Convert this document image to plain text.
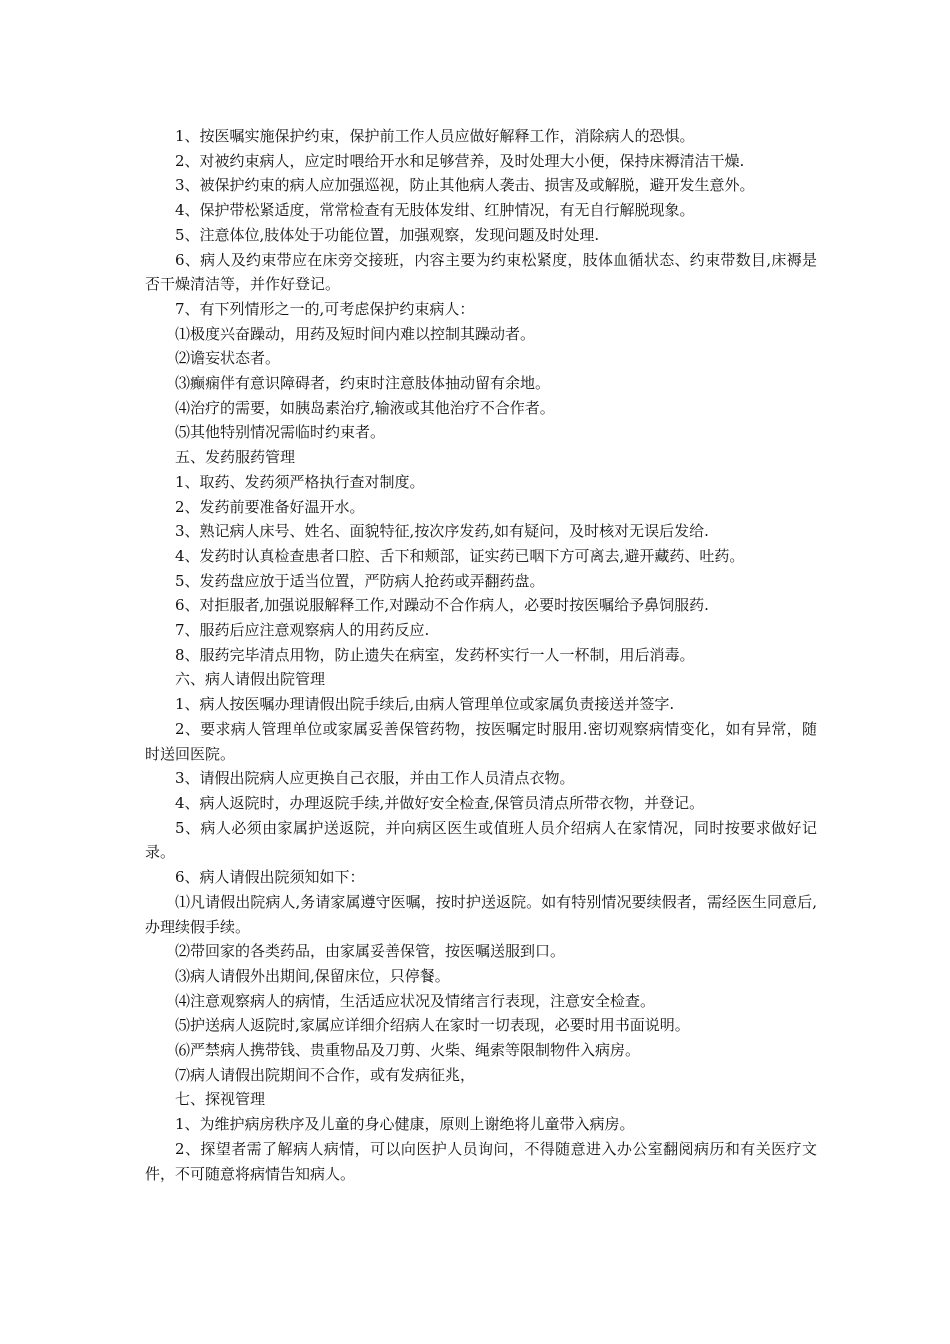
1、按医嘱实施保护约束，保护前工作人员应做好解释工作，消除病人的恐惧。

2、对被约束病人，应定时喂给开水和足够营养，及时处理大小便，保持床褥清洁干燥.

3、被保护约束的病人应加强巡视，防止其他病人袭击、损害及或解脱，避开发生意外。

4、保护带松紧适度，常常检查有无肢体发绀、红肿情况，有无自行解脱现象。

5、注意体位,肢体处于功能位置，加强观察，发现问题及时处理.

6、病人及约束带应在床旁交接班，内容主要为约束松紧度，肢体血循状态、约束带数目,床褥是否干燥清洁等，并作好登记。

7、有下列情形之一的,可考虑保护约束病人：

⑴极度兴奋躁动，用药及短时间内难以控制其躁动者。

⑵谵妄状态者。

⑶癫痫伴有意识障碍者，约束时注意肢体抽动留有余地。

⑷治疗的需要，如胰岛素治疗,输液或其他治疗不合作者。

⑸其他特别情况需临时约束者。

五、发药服药管理

1、取药、发药须严格执行查对制度。

2、发药前要准备好温开水。

3、熟记病人床号、姓名、面貌特征,按次序发药,如有疑问，及时核对无误后发给.

4、发药时认真检查患者口腔、舌下和颊部，证实药已咽下方可离去,避开藏药、吐药。

5、发药盘应放于适当位置，严防病人抢药或弄翻药盘。

6、对拒服者,加强说服解释工作,对躁动不合作病人，必要时按医嘱给予鼻饲服药.

7、服药后应注意观察病人的用药反应.

8、服药完毕清点用物，防止遗失在病室，发药杯实行一人一杯制，用后消毒。

六、病人请假出院管理

1、病人按医嘱办理请假出院手续后,由病人管理单位或家属负责接送并签字.

2、要求病人管理单位或家属妥善保管药物，按医嘱定时服用.密切观察病情变化，如有异常，随时送回医院。

3、请假出院病人应更换自己衣服，并由工作人员清点衣物。

4、病人返院时，办理返院手续,并做好安全检查,保管员清点所带衣物，并登记。

5、病人必须由家属护送返院，并向病区医生或值班人员介绍病人在家情况，同时按要求做好记录。

6、病人请假出院须知如下：

⑴凡请假出院病人,务请家属遵守医嘱，按时护送返院。如有特别情况要续假者，需经医生同意后,办理续假手续。

⑵带回家的各类药品，由家属妥善保管，按医嘱送服到口。

⑶病人请假外出期间,保留床位，只停餐。

⑷注意观察病人的病情，生活适应状况及情绪言行表现，注意安全检查。

⑸护送病人返院时,家属应详细介绍病人在家时一切表现，必要时用书面说明。

⑹严禁病人携带钱、贵重物品及刀剪、火柴、绳索等限制物件入病房。

⑺病人请假出院期间不合作，或有发病征兆，

七、探视管理

1、为维护病房秩序及儿童的身心健康，原则上谢绝将儿童带入病房。

2、探望者需了解病人病情，可以向医护人员询问，不得随意进入办公室翻阅病历和有关医疗文件，不可随意将病情告知病人。
